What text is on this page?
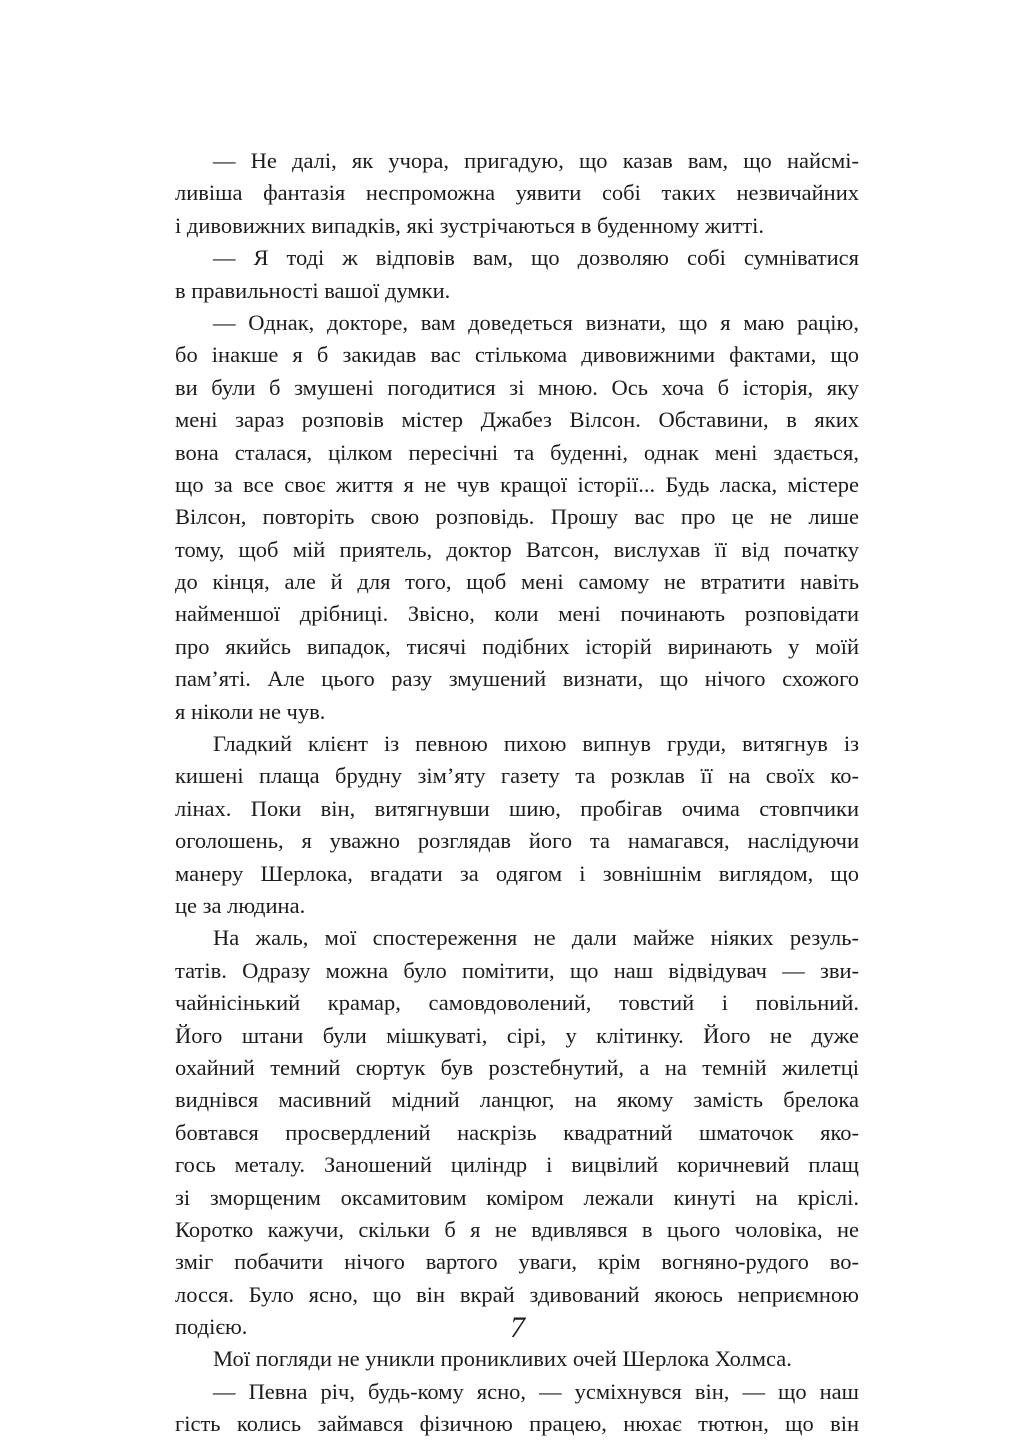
— Не далі, як учора, пригадую, що казав вам, що найсмі-
ливіша фантазія неспроможна уявити собі таких незвичайних
і дивовижних випадків, які зустрічаються в буденному житті.
— Я тоді ж відповів вам, що дозволяю собі сумніватися
в правильності вашої думки.
— Однак, докторе, вам доведеться визнати, що я маю рацію,
бо інакше я б закидав вас стількома дивовижними фактами, що
ви були б змушені погодитися зі мною. Ось хоча б історія, яку
мені зараз розповів містер Джабез Вілсон. Обставини, в яких
вона сталася, цілком пересічні та буденні, однак мені здається,
що за все своє життя я не чув кращої історії... Будь ласка, містере
Вілсон, повторіть свою розповідь. Прошу вас про це не лише
тому, щоб мій приятель, доктор Ватсон, вислухав її від початку
до кінця, але й для того, щоб мені самому не втратити навіть
найменшої дрібниці. Звісно, коли мені починають розповідати
про якийсь випадок, тисячі подібних історій виринають у моїй
пам’яті. Але цього разу змушений визнати, що нічого схожого
я ніколи не чув.
Гладкий клієнт із певною пихою випнув груди, витягнув із
кишені плаща брудну зім’яту газету та розклав її на своїх ко-
лінах. Поки він, витягнувши шию, пробігав очима стовпчики
оголошень, я уважно розглядав його та намагався, наслідуючи
манеру Шерлока, вгадати за одягом і зовнішнім виглядом, що
це за людина.
На жаль, мої спостереження не дали майже ніяких резуль-
татів. Одразу можна було помітити, що наш відвідувач — зви-
чайнісінький крамар, самовдоволений, товстий і повільний.
Його штани були мішкуваті, сірі, у клітинку. Його не дуже
охайний темний сюртук був розстебнутий, а на темній жилетці
виднівся масивний мідний ланцюг, на якому замість брелока
бовтався просвердлений наскрізь квадратний шматочок яко-
гось металу. Заношений циліндр і вицвілий коричневий плащ
зі зморщеним оксамитовим коміром лежали кинуті на кріслі.
Коротко кажучи, скільки б я не вдивлявся в цього чоловіка, не
зміг побачити нічого вартого уваги, крім вогняно-рудого во-
лосся. Було ясно, що він вкрай здивований якоюсь неприємною
подією.
Мої погляди не уникли проникливих очей Шерлока Холмса.
— Певна річ, будь-кому ясно, — усміхнувся він, — що наш
гість колись займався фізичною працею, нюхає тютюн, що він
7
